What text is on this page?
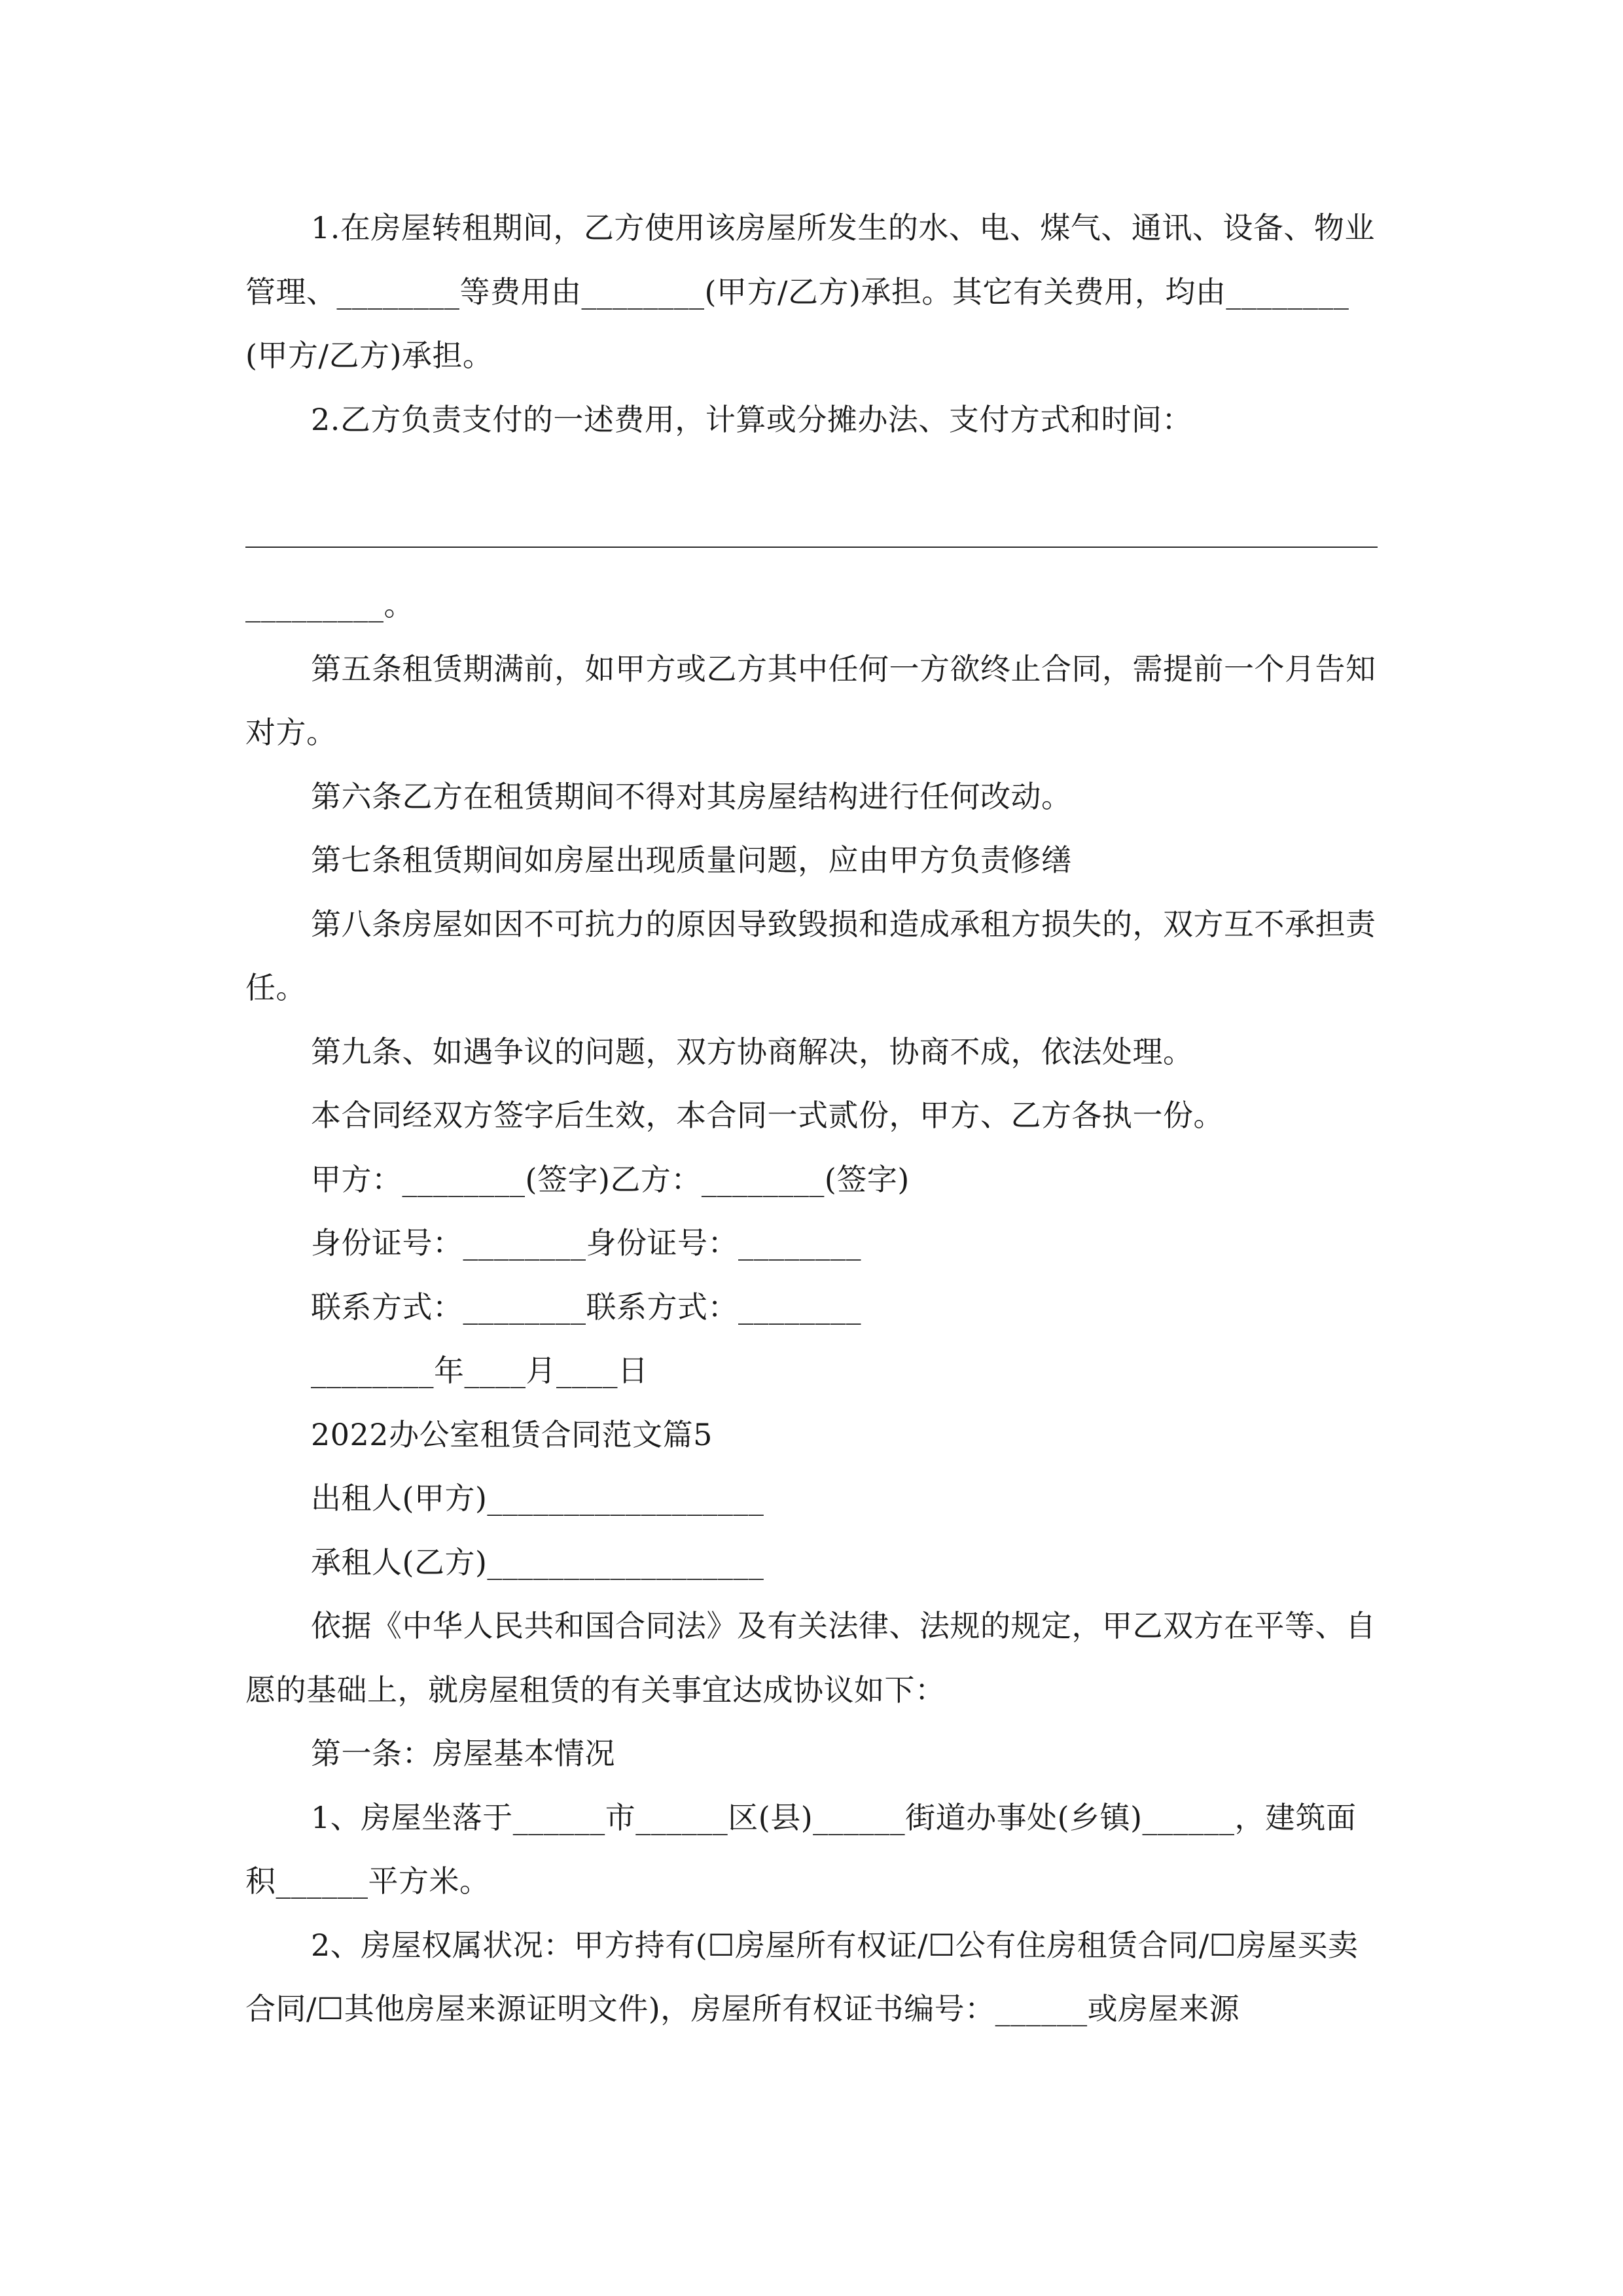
1.在房屋转租期间，乙方使用该房屋所发生的水、电、煤气、通讯、设备、物业管理、________等费用由________(甲方/乙方)承担。其它有关费用，均由________(甲方/乙方)承担。

2.乙方负责支付的一述费用，计算或分摊办法、支付方式和时间：

_________。

第五条租赁期满前，如甲方或乙方其中任何一方欲终止合同，需提前一个月告知对方。

第六条乙方在租赁期间不得对其房屋结构进行任何改动。

第七条租赁期间如房屋出现质量问题，应由甲方负责修缮

第八条房屋如因不可抗力的原因导致毁损和造成承租方损失的，双方互不承担责任。

第九条、如遇争议的问题，双方协商解决，协商不成，依法处理。

本合同经双方签字后生效，本合同一式贰份，甲方、乙方各执一份。

甲方：________(签字)乙方：________(签字)

身份证号：________身份证号：________

联系方式：________联系方式：________

________年____月____日

2022办公室租赁合同范文篇5

出租人(甲方)__________________

承租人(乙方)__________________

依据《中华人民共和国合同法》及有关法律、法规的规定，甲乙双方在平等、自愿的基础上，就房屋租赁的有关事宜达成协议如下：

第一条：房屋基本情况

1、房屋坐落于______市______区(县)______街道办事处(乡镇)______，建筑面积______平方米。

2、房屋权属状况：甲方持有(☐房屋所有权证/☐公有住房租赁合同/☐房屋买卖合同/☐其他房屋来源证明文件)，房屋所有权证书编号：______或房屋来源
